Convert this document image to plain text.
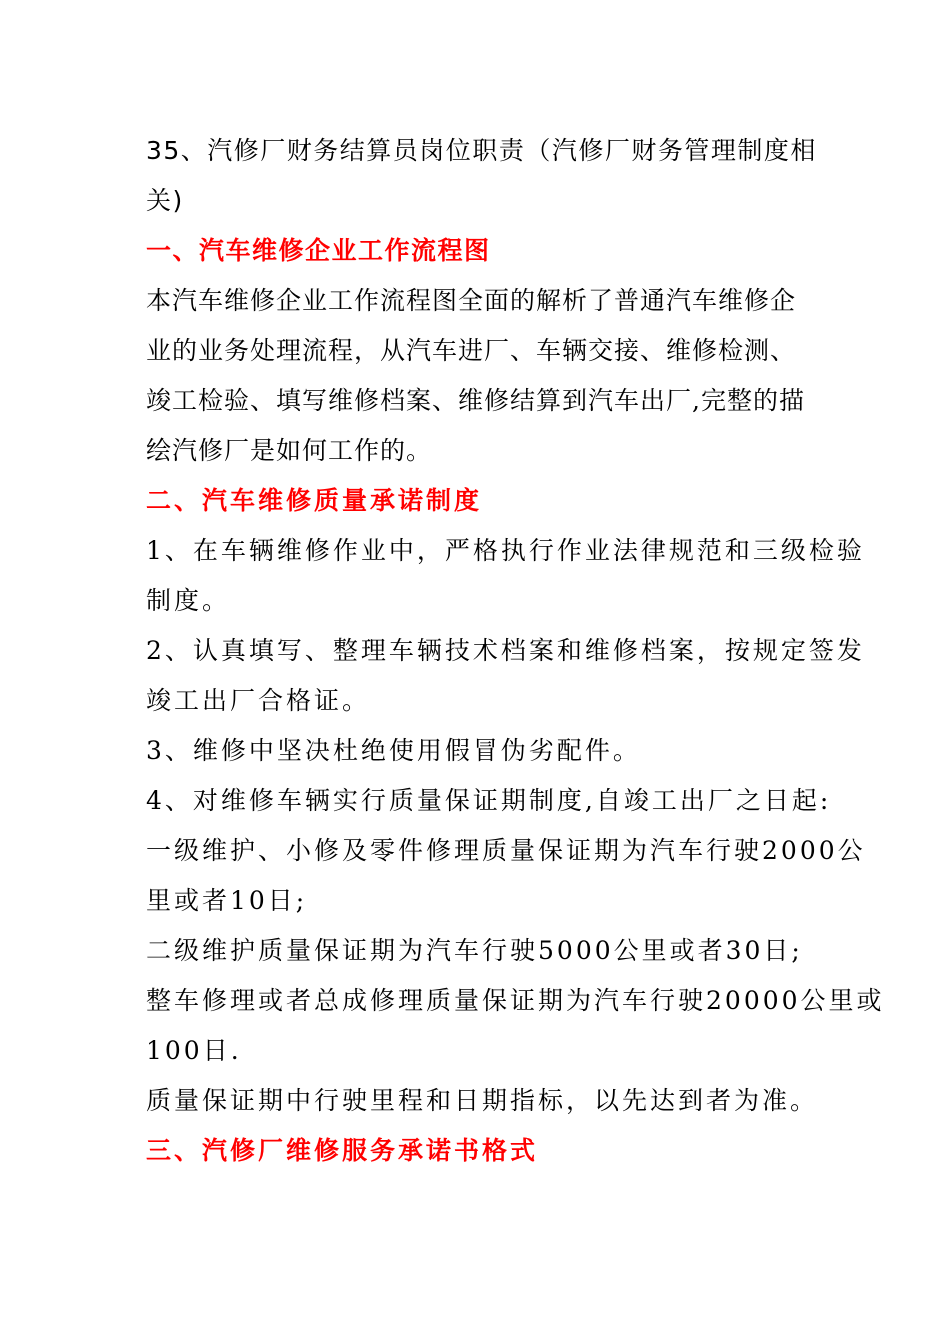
35、汽修厂财务结算员岗位职责（汽修厂财务管理制度相
关)
一、汽车维修企业工作流程图
本汽车维修企业工作流程图全面的解析了普通汽车维修企
业的业务处理流程，从汽车进厂、车辆交接、维修检测、
竣工检验、填写维修档案、维修结算到汽车出厂,完整的描
绘汽修厂是如何工作的。
二、汽车维修质量承诺制度
1、在车辆维修作业中，严格执行作业法律规范和三级检验
制度。
2、认真填写、整理车辆技术档案和维修档案，按规定签发
竣工出厂合格证。
3、维修中坚决杜绝使用假冒伪劣配件。
4、对维修车辆实行质量保证期制度,自竣工出厂之日起:
一级维护、小修及零件修理质量保证期为汽车行驶2000公
里或者10日;
二级维护质量保证期为汽车行驶5000公里或者30日;
整车修理或者总成修理质量保证期为汽车行驶20000公里或
100日.
质量保证期中行驶里程和日期指标，以先达到者为准。
三、汽修厂维修服务承诺书格式
